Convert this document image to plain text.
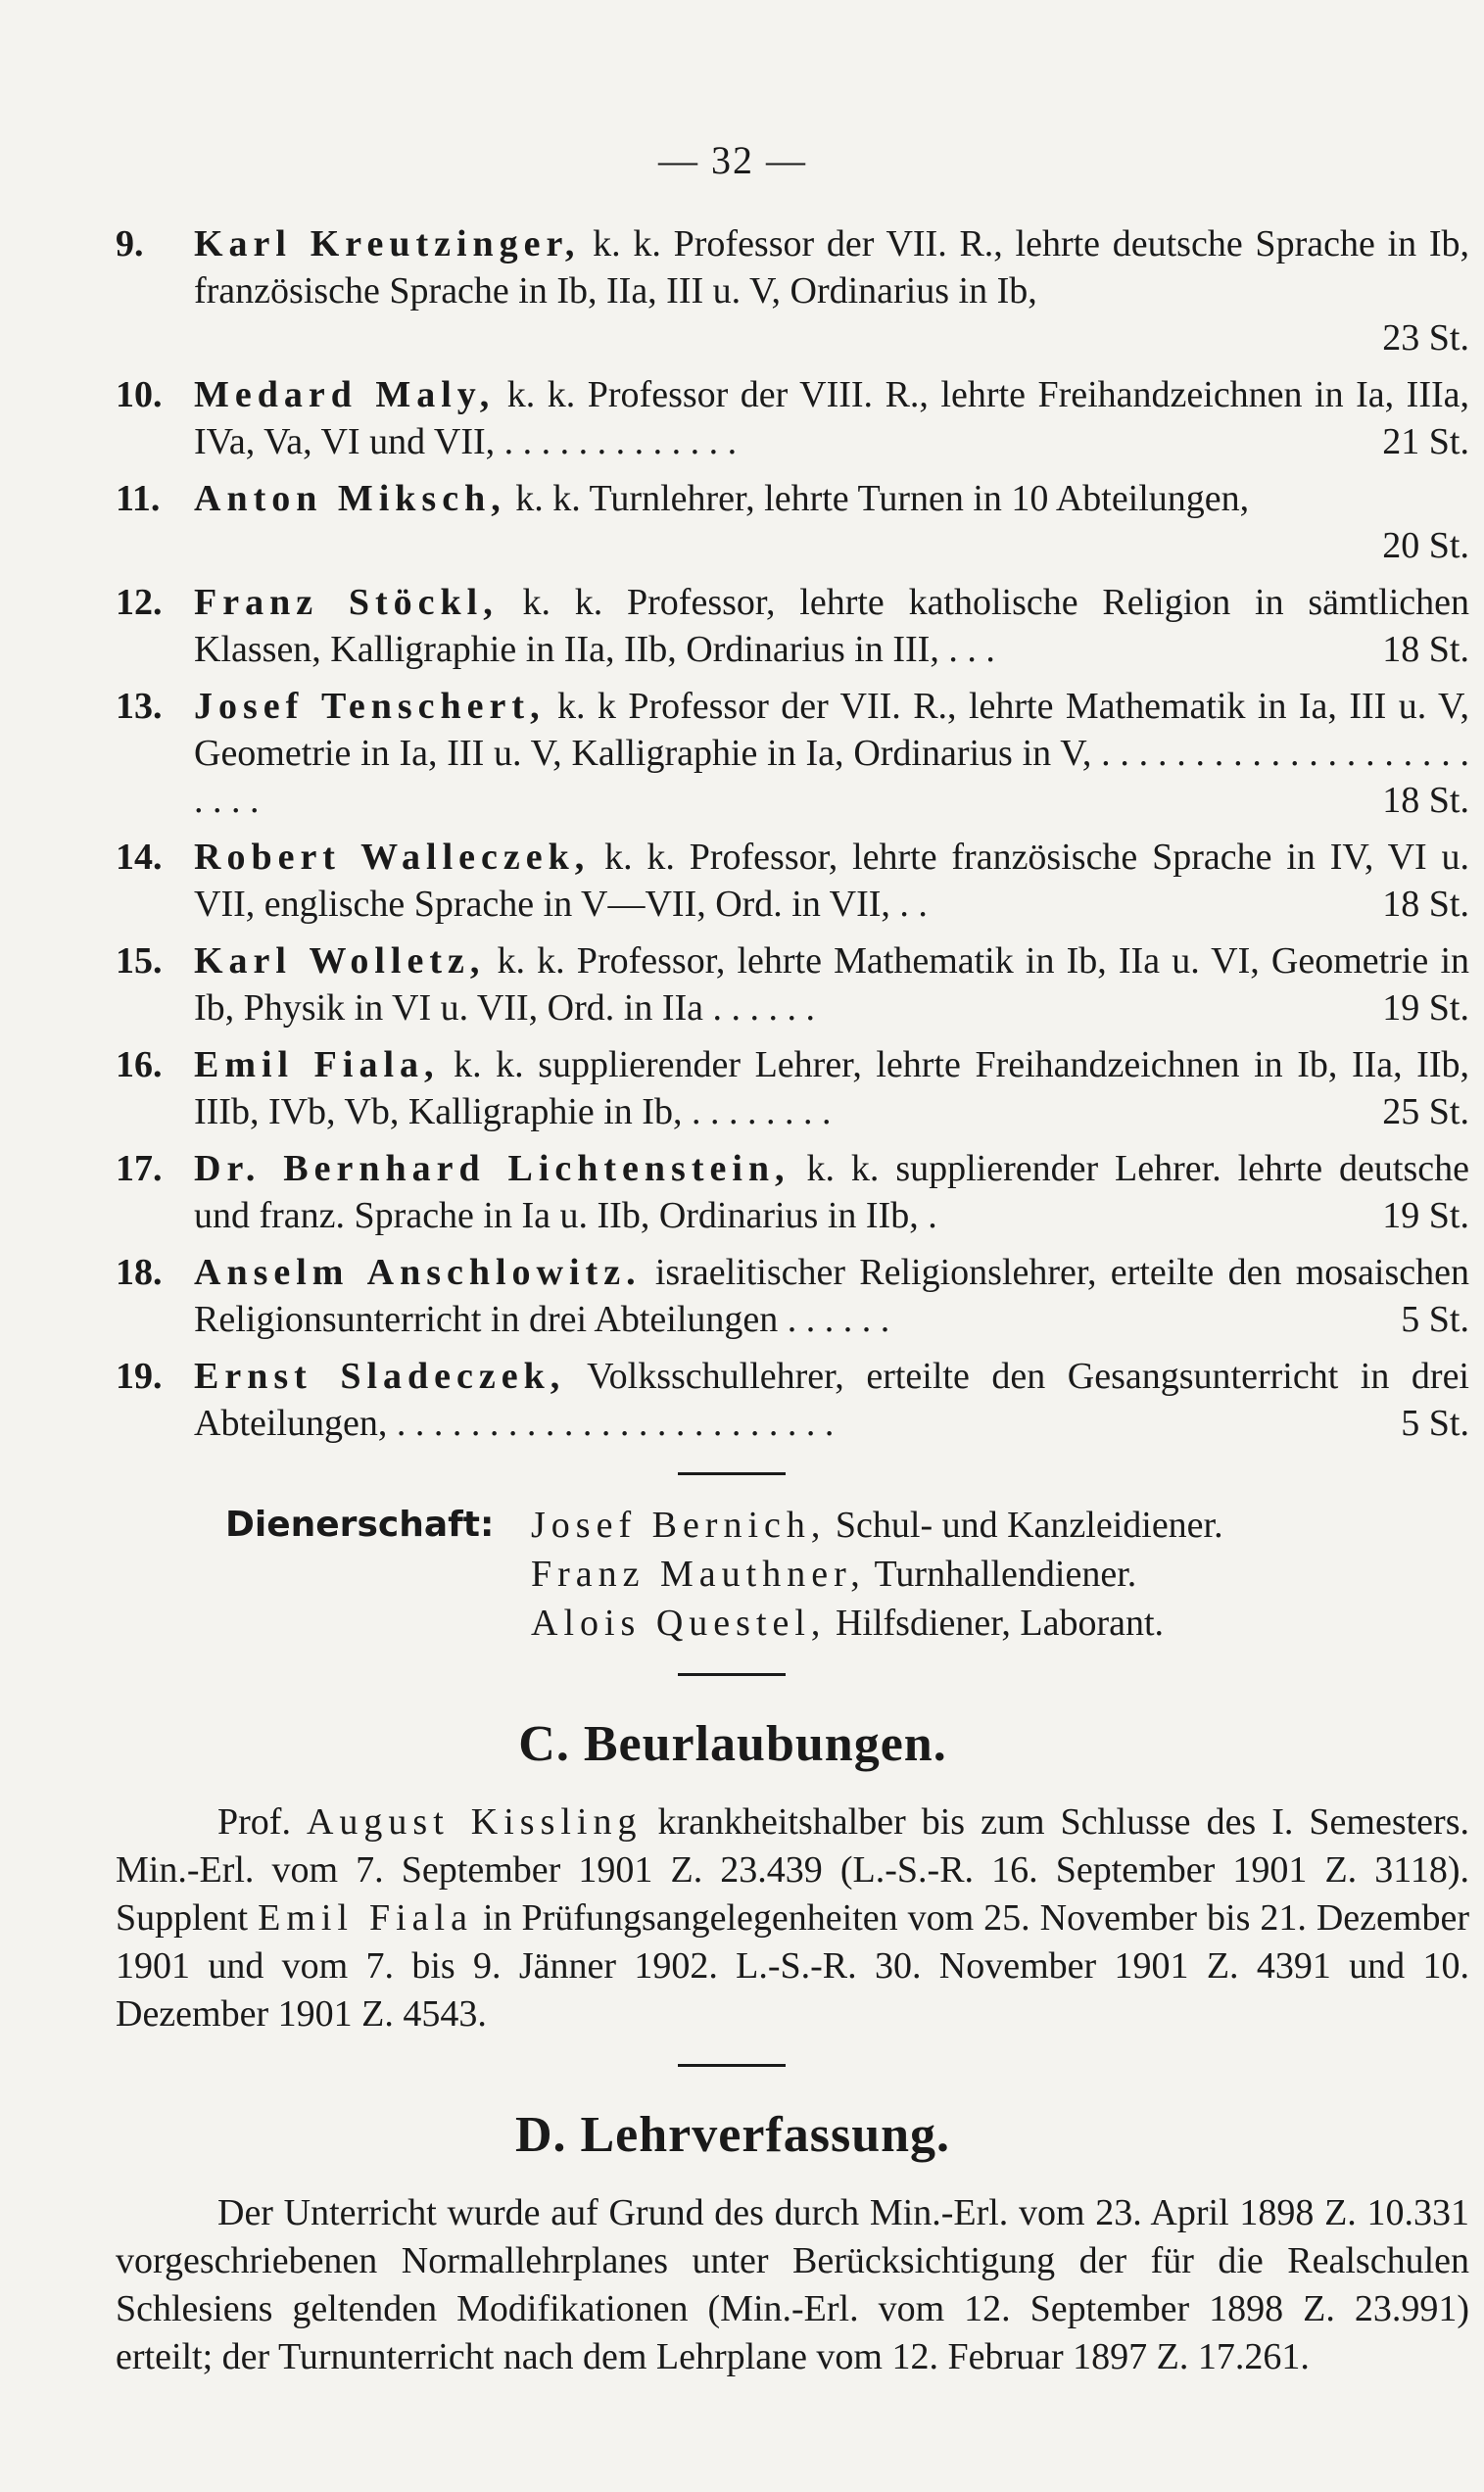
— 32 —
9.	Karl Kreutzinger, k. k. Professor der VII. R., lehrte deutsche Sprache in Ib, französische Sprache in Ib, IIa, III u. V, Ordinarius in Ib,
23 St.
10. Medard Maly, k. k. Professor der VIII. R., lehrte Freihandzeichnen in Ia, IIIa, IVa, Va, VI und VII, . . . . . . . . . . . . .	21 St.
11. Anton Miksch, k. k. Turnlehrer, lehrte Turnen in 10 Abteilungen,
20 St.
12. Franz Stöckl, k. k. Professor, lehrte katholische Religion in sämtlichen Klassen, Kalligraphie in IIa, IIb, Ordinarius in III, . . .	18 St.
13. Josef Tenschert, k. k Professor der VII. R., lehrte Mathematik in Ia, III u. V, Geometrie in Ia, III u. V, Kalligraphie in Ia, Ordinarius in V, . . . . . . . . . . . . . . . . . . . . . . . .	18 St.
14. Robert Walleczek, k. k. Professor, lehrte französische Sprache in IV, VI u. VII, englische Sprache in V—VII, Ord. in VII, . .	18 St.
15. Karl Wolletz, k. k. Professor, lehrte Mathematik in Ib, IIa u. VI, Geometrie in Ib, Physik in VI u. VII, Ord. in IIa . . . . . .	19 St.
16. Emil Fiala, k. k. supplierender Lehrer, lehrte Freihandzeichnen in Ib, IIa, IIb, IIIb, IVb, Vb, Kalligraphie in Ib, . . . . . . . .	25 St.
17. Dr. Bernhard Lichtenstein, k. k. supplierender Lehrer. lehrte deutsche und franz. Sprache in Ia u. IIb, Ordinarius in IIb, .	19 St.
18. Anselm Anschlowitz. israelitischer Religionslehrer, erteilte den mosaischen Religionsunterricht in drei Abteilungen . . . . . .	5 St.
19. Ernst Sladeczek, Volksschullehrer, erteilte den Gesangsunterricht in drei Abteilungen, . . . . . . . . . . . . . . . . . . . . . . . .	5 St.
Dienerschaft: Josef Bernich, Schul- und Kanzleidiener.
Franz Mauthner, Turnhallendiener.
Alois Questel, Hilfsdiener, Laborant.
C. Beurlaubungen.
Prof. August Kissling krankheitshalber bis zum Schlusse des I. Semesters. Min.-Erl. vom 7. September 1901 Z. 23.439 (L.-S.-R. 16. September 1901 Z. 3118). Supplent Emil Fiala in Prüfungsangelegenheiten vom 25. November bis 21. Dezember 1901 und vom 7. bis 9. Jänner 1902. L.-S.-R. 30. November 1901 Z. 4391 und 10. Dezember 1901 Z. 4543.
D. Lehrverfassung.
Der Unterricht wurde auf Grund des durch Min.-Erl. vom 23. April 1898 Z. 10.331 vorgeschriebenen Normallehrplanes unter Berücksichtigung der für die Realschulen Schlesiens geltenden Modifikationen (Min.-Erl. vom 12. September 1898 Z. 23.991) erteilt; der Turnunterricht nach dem Lehrplane vom 12. Februar 1897 Z. 17.261.
